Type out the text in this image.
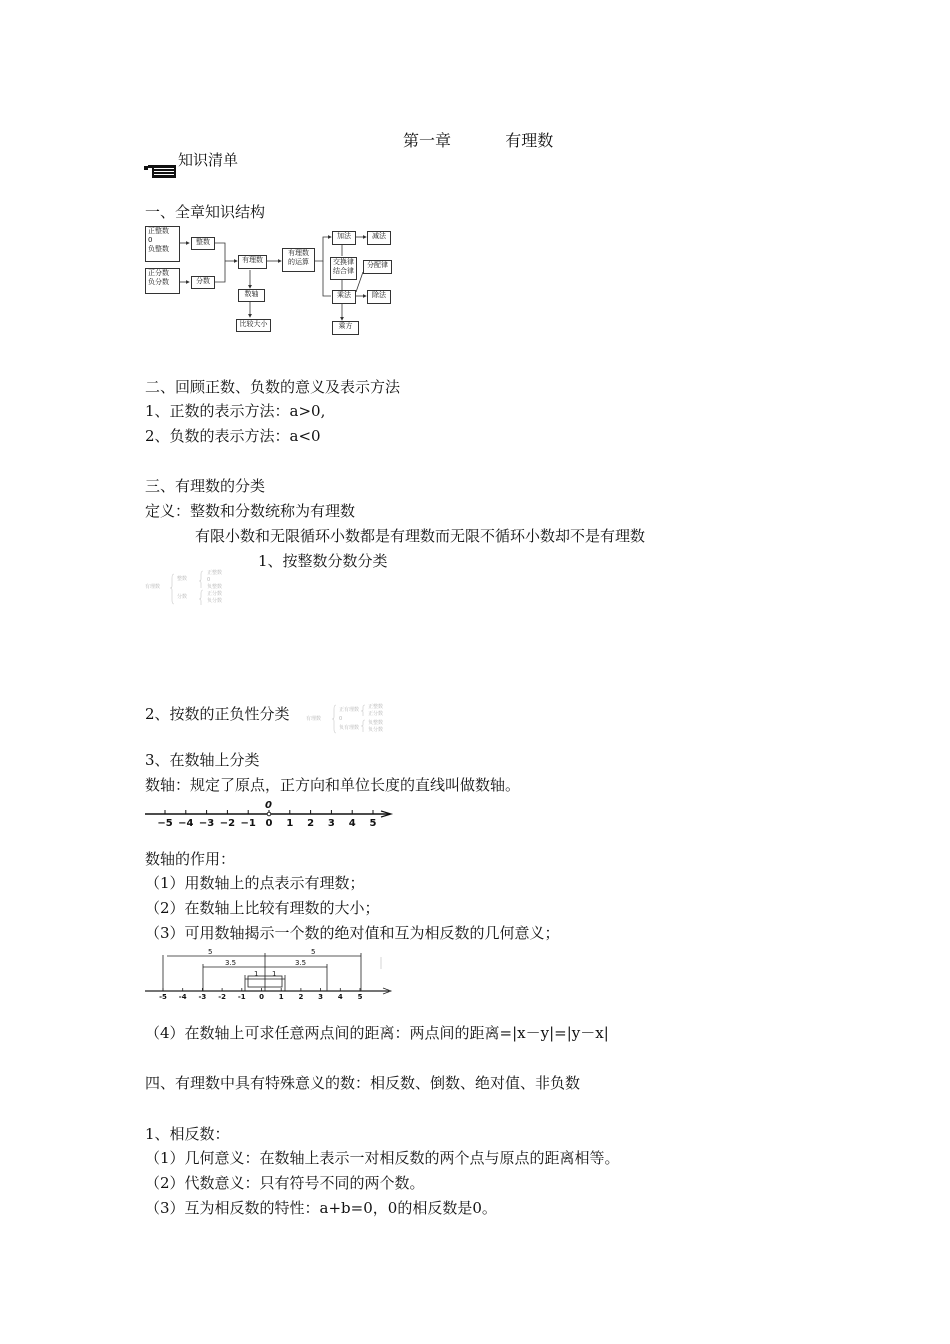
第一章	有理数
知识清单
一、全章知识结构
正整数
0
负整数
正分数
负分数
整数
分数
有理数
有理数
的运算
数轴
比较大小
加法	减法
交换律
结合律
分配律
乘法	除法
乘方
二、回顾正数、负数的意义及表示方法
1、正数的表示方法：a>0,
2、负数的表示方法：a<0
三、有理数的分类
定义：整数和分数统称为有理数
有限小数和无限循环小数都是有理数而无限不循环小数却不是有理数
1、按整数分数分类
有理数
整数
分数
正整数
0
负整数
正分数
负分数
2、按数的正负性分类	有理数
正有理数
0
负有理数
正整数
正分数
负整数
负分数
3、在数轴上分类
数轴：规定了原点，正方向和单位长度的直线叫做数轴。
0
−5 −4 −3 −2 −1 0 1 2 3 4 5
数轴的作用：
（1）用数轴上的点表示有理数；
（2）在数轴上比较有理数的大小；
（3）可用数轴揭示一个数的绝对值和互为相反数的几何意义；
5	5
3.5	3.5
1 1
-5 -4 -3 -2 -1 0 1 2 3 4 5
（4）在数轴上可求任意两点间的距离：两点间的距离=|x－y|=|y－x|
四、有理数中具有特殊意义的数：相反数、倒数、绝对值、非负数
1、相反数：
（1）几何意义：在数轴上表示一对相反数的两个点与原点的距离相等。
（2）代数意义：只有符号不同的两个数。
（3）互为相反数的特性：a+b=0，0的相反数是0。
